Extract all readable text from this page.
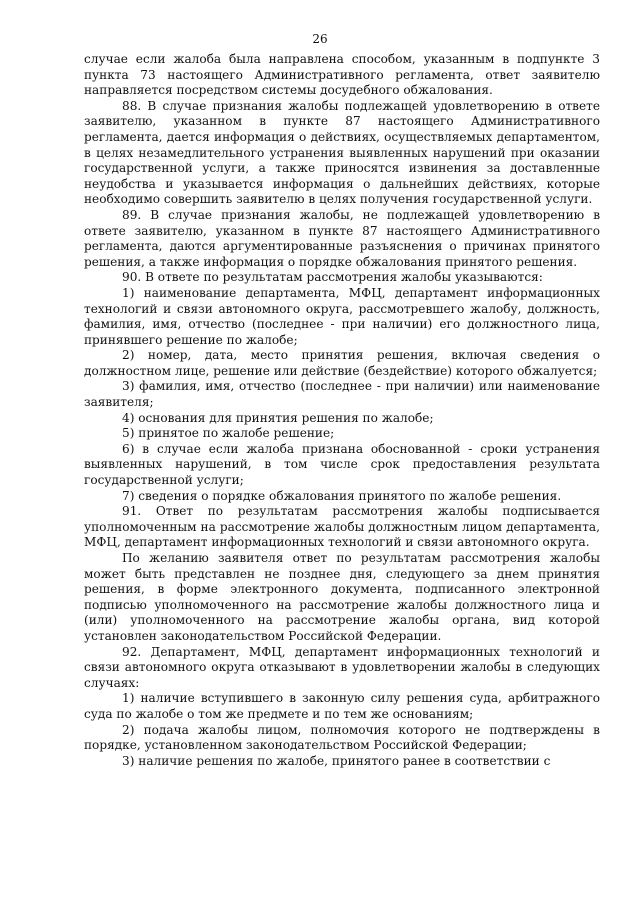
26

случае если жалоба была направлена способом, указанным в подпункте 3 пункта 73 настоящего Административного регламента, ответ заявителю направляется посредством системы досудебного обжалования.

88. В случае признания жалобы подлежащей удовлетворению в ответе заявителю, указанном в пункте 87 настоящего Административного регламента, дается информация о действиях, осуществляемых департаментом, в целях незамедлительного устранения выявленных нарушений при оказании государственной услуги, а также приносятся извинения за доставленные неудобства и указывается информация о дальнейших действиях, которые необходимо совершить заявителю в целях получения государственной услуги.

89. В случае признания жалобы, не подлежащей удовлетворению в ответе заявителю, указанном в пункте 87 настоящего Административного регламента, даются аргументированные разъяснения о причинах принятого решения, а также информация о порядке обжалования принятого решения.

90. В ответе по результатам рассмотрения жалобы указываются:

1) наименование департамента, МФЦ, департамент информационных технологий и связи автономного округа, рассмотревшего жалобу, должность, фамилия, имя, отчество (последнее - при наличии) его должностного лица, принявшего решение по жалобе;

2) номер, дата, место принятия решения, включая сведения о должностном лице, решение или действие (бездействие) которого обжалуется;

3) фамилия, имя, отчество (последнее - при наличии) или наименование заявителя;

4) основания для принятия решения по жалобе;

5) принятое по жалобе решение;

6) в случае если жалоба признана обоснованной - сроки устранения выявленных нарушений, в том числе срок предоставления результата государственной услуги;

7) сведения о порядке обжалования принятого по жалобе решения.

91. Ответ по результатам рассмотрения жалобы подписывается уполномоченным на рассмотрение жалобы должностным лицом департамента, МФЦ, департамент информационных технологий и связи автономного округа.

По желанию заявителя ответ по результатам рассмотрения жалобы может быть представлен не позднее дня, следующего за днем принятия решения, в форме электронного документа, подписанного электронной подписью уполномоченного на рассмотрение жалобы должностного лица и (или) уполномоченного на рассмотрение жалобы органа, вид которой установлен законодательством Российской Федерации.

92. Департамент, МФЦ, департамент информационных технологий и связи автономного округа отказывают в удовлетворении жалобы в следующих случаях:

1) наличие вступившего в законную силу решения суда, арбитражного суда по жалобе о том же предмете и по тем же основаниям;

2) подача жалобы лицом, полномочия которого не подтверждены в порядке, установленном законодательством Российской Федерации;

3) наличие решения по жалобе, принятого ранее в соответствии с
